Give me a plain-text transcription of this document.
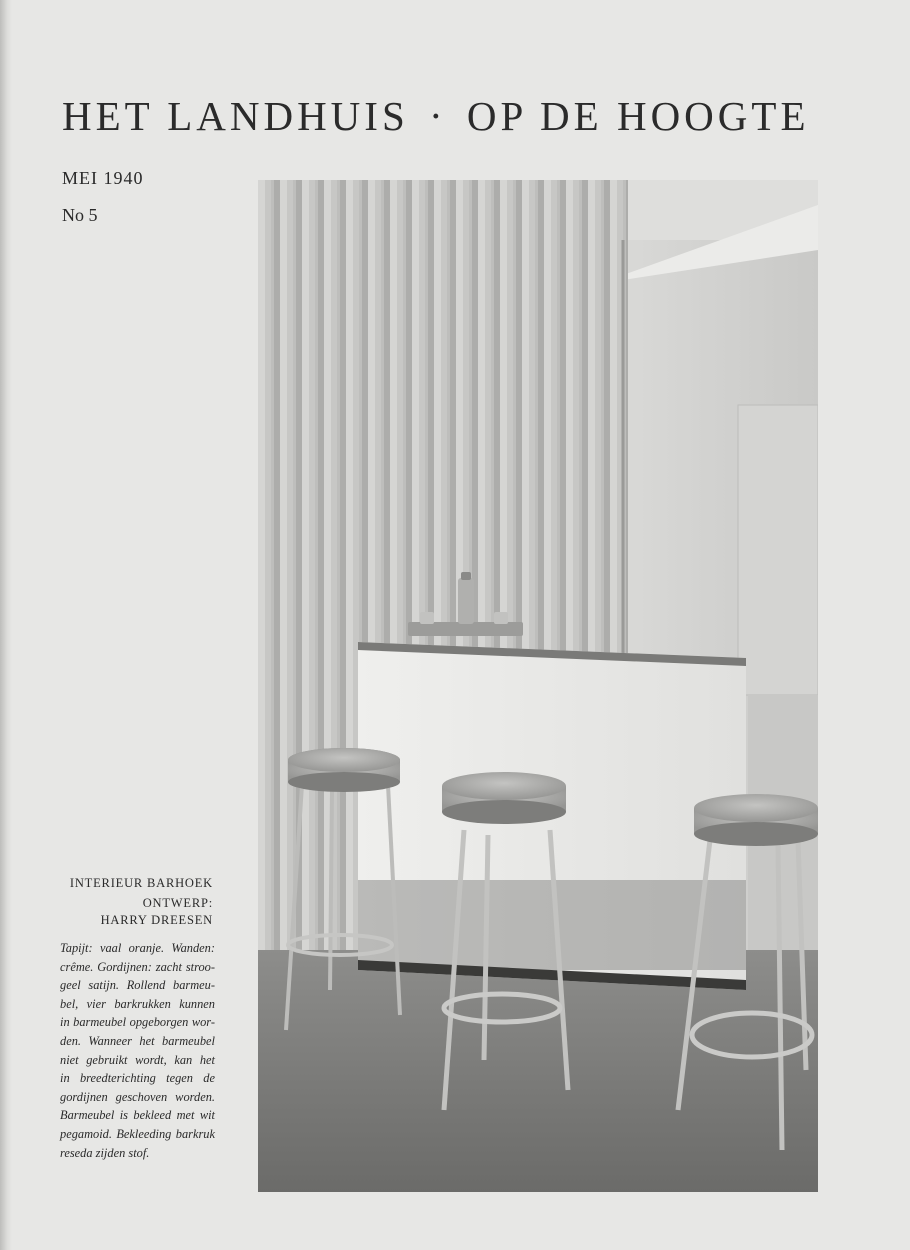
HET LANDHUIS · OP DE HOOGTE
MEI 1940
No 5
INTERIEUR BARHOEK
ONTWERP:
HARRY DREESEN
Tapijt: vaal oranje. Wanden:
crême. Gordijnen: zacht stroo-
geel satijn. Rollend barmeu-
bel, vier barkrukken kunnen
in barmeubel opgeborgen wor-
den. Wanneer het barmeubel
niet gebruikt wordt, kan het
in breedterichting tegen de
gordijnen geschoven worden.
Barmeubel is bekleed met wit
pegamoid. Bekleeding barkruk
reseda zijden stof.
